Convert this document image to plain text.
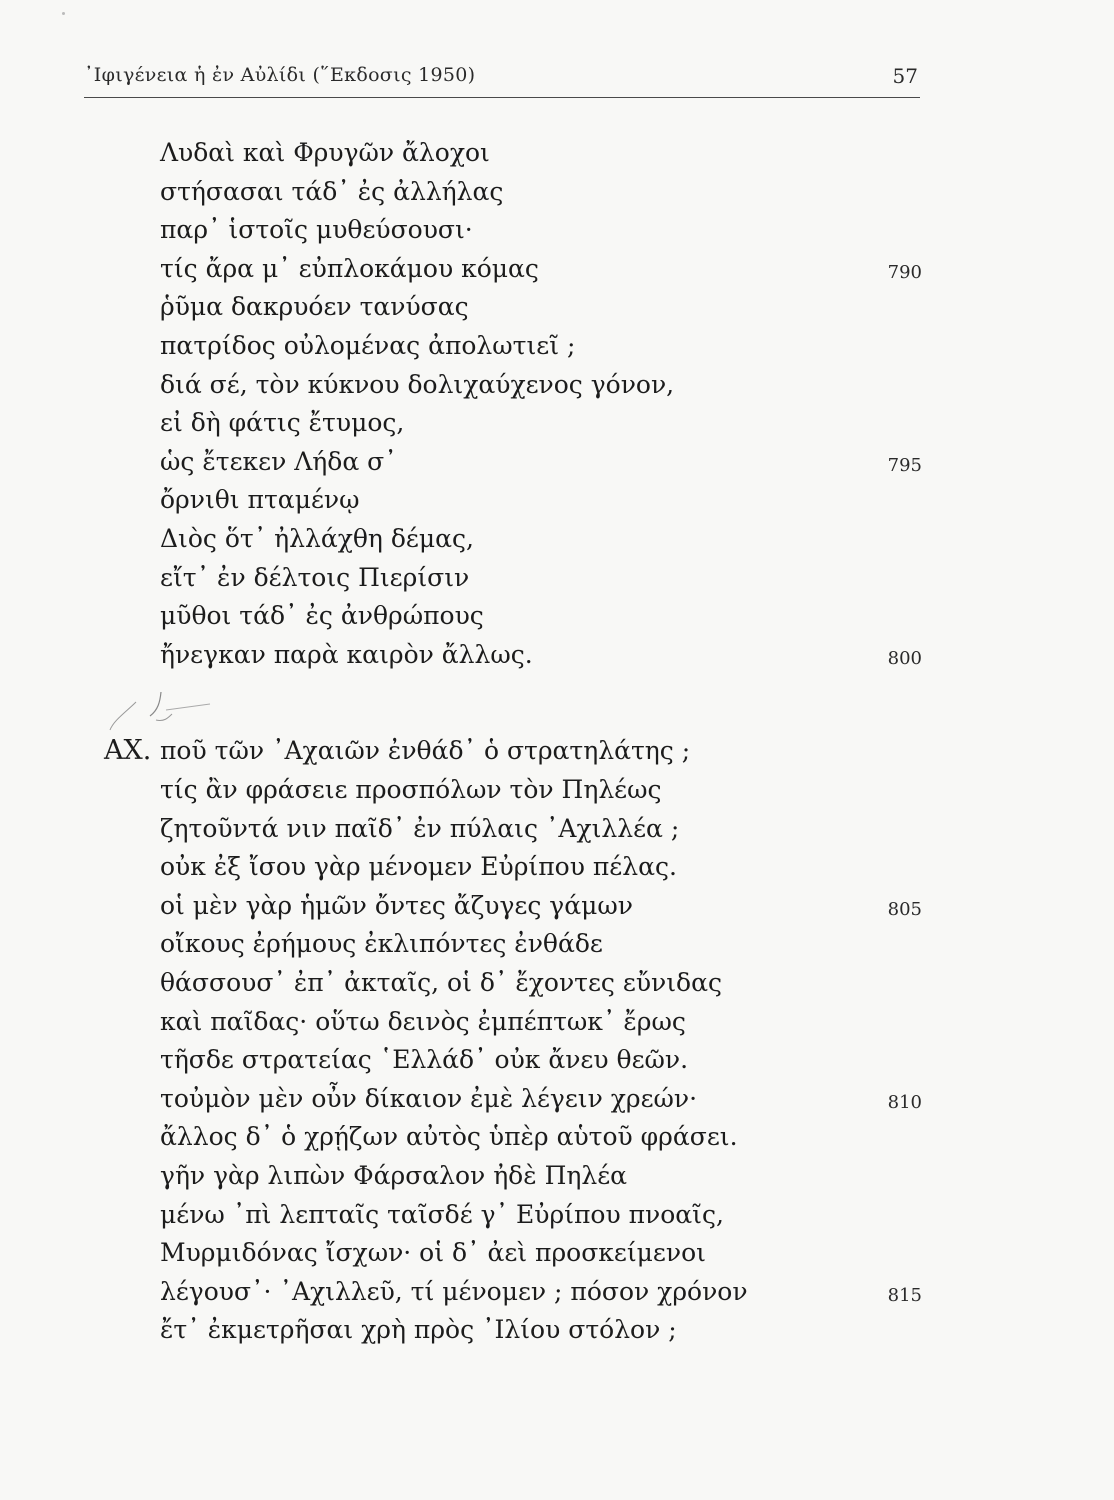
᾿Ιφιγένεια ἡ ἐν Αὐλίδι (῞Εκδοσις 1950)	57
Λυδαὶ καὶ Φρυγῶν ἄλοχοι
στήσασαι τάδ᾿ ἐς ἀλλήλας
παρ᾿ ἱστοῖς μυθεύσουσι·
τίς ἄρα μ᾿ εὐπλοκάμου κόμας	790
ῥῦμα δακρυόεν τανύσας
πατρίδος οὐλομένας ἀπολωτιεῖ ;
διά σέ, τὸν κύκνου δολιχαύχενος γόνον,
εἰ δὴ φάτις ἔτυμος,
ὡς ἔτεκεν Λήδα σ᾿	795
ὄρνιθι πταμένῳ
Διὸς ὅτ᾿ ἠλλάχθη δέμας,
εἴτ᾿ ἐν δέλτοις Πιερίσιν
μῦθοι τάδ᾿ ἐς ἀνθρώπους
ἤνεγκαν παρὰ καιρὸν ἄλλως.	800
ΑΧ. ποῦ τῶν ᾿Αχαιῶν ἐνθάδ᾿ ὁ στρατηλάτης ;
τίς ἂν φράσειε προσπόλων τὸν Πηλέως
ζητοῦντά νιν παῖδ᾿ ἐν πύλαις ᾿Αχιλλέα ;
οὐκ ἐξ ἴσου γὰρ μένομεν Εὐρίπου πέλας.
οἱ μὲν γὰρ ἡμῶν ὄντες ἄζυγες γάμων	805
οἴκους ἐρήμους ἐκλιπόντες ἐνθάδε
θάσσουσ᾿ ἐπ᾿ ἀκταῖς, οἱ δ᾿ ἔχοντες εὔνιδας
καὶ παῖδας· οὕτω δεινὸς ἐμπέπτωκ᾿ ἔρως
τῆσδε στρατείας ῾Ελλάδ᾿ οὐκ ἄνευ θεῶν.
τοὐμὸν μὲν οὖν δίκαιον ἐμὲ λέγειν χρεών·	810
ἄλλος δ᾿ ὁ χρῄζων αὐτὸς ὑπὲρ αὑτοῦ φράσει.
γῆν γὰρ λιπὼν Φάρσαλον ἠδὲ Πηλέα
μένω ᾿πὶ λεπταῖς ταῖσδέ γ᾿ Εὐρίπου πνοαῖς,
Μυρμιδόνας ἴσχων· οἱ δ᾿ ἀεὶ προσκείμενοι
λέγουσ᾿· ᾿Αχιλλεῦ, τί μένομεν ; πόσον χρόνον	815
ἔτ᾿ ἐκμετρῆσαι χρὴ πρὸς ᾿Ιλίου στόλον ;
